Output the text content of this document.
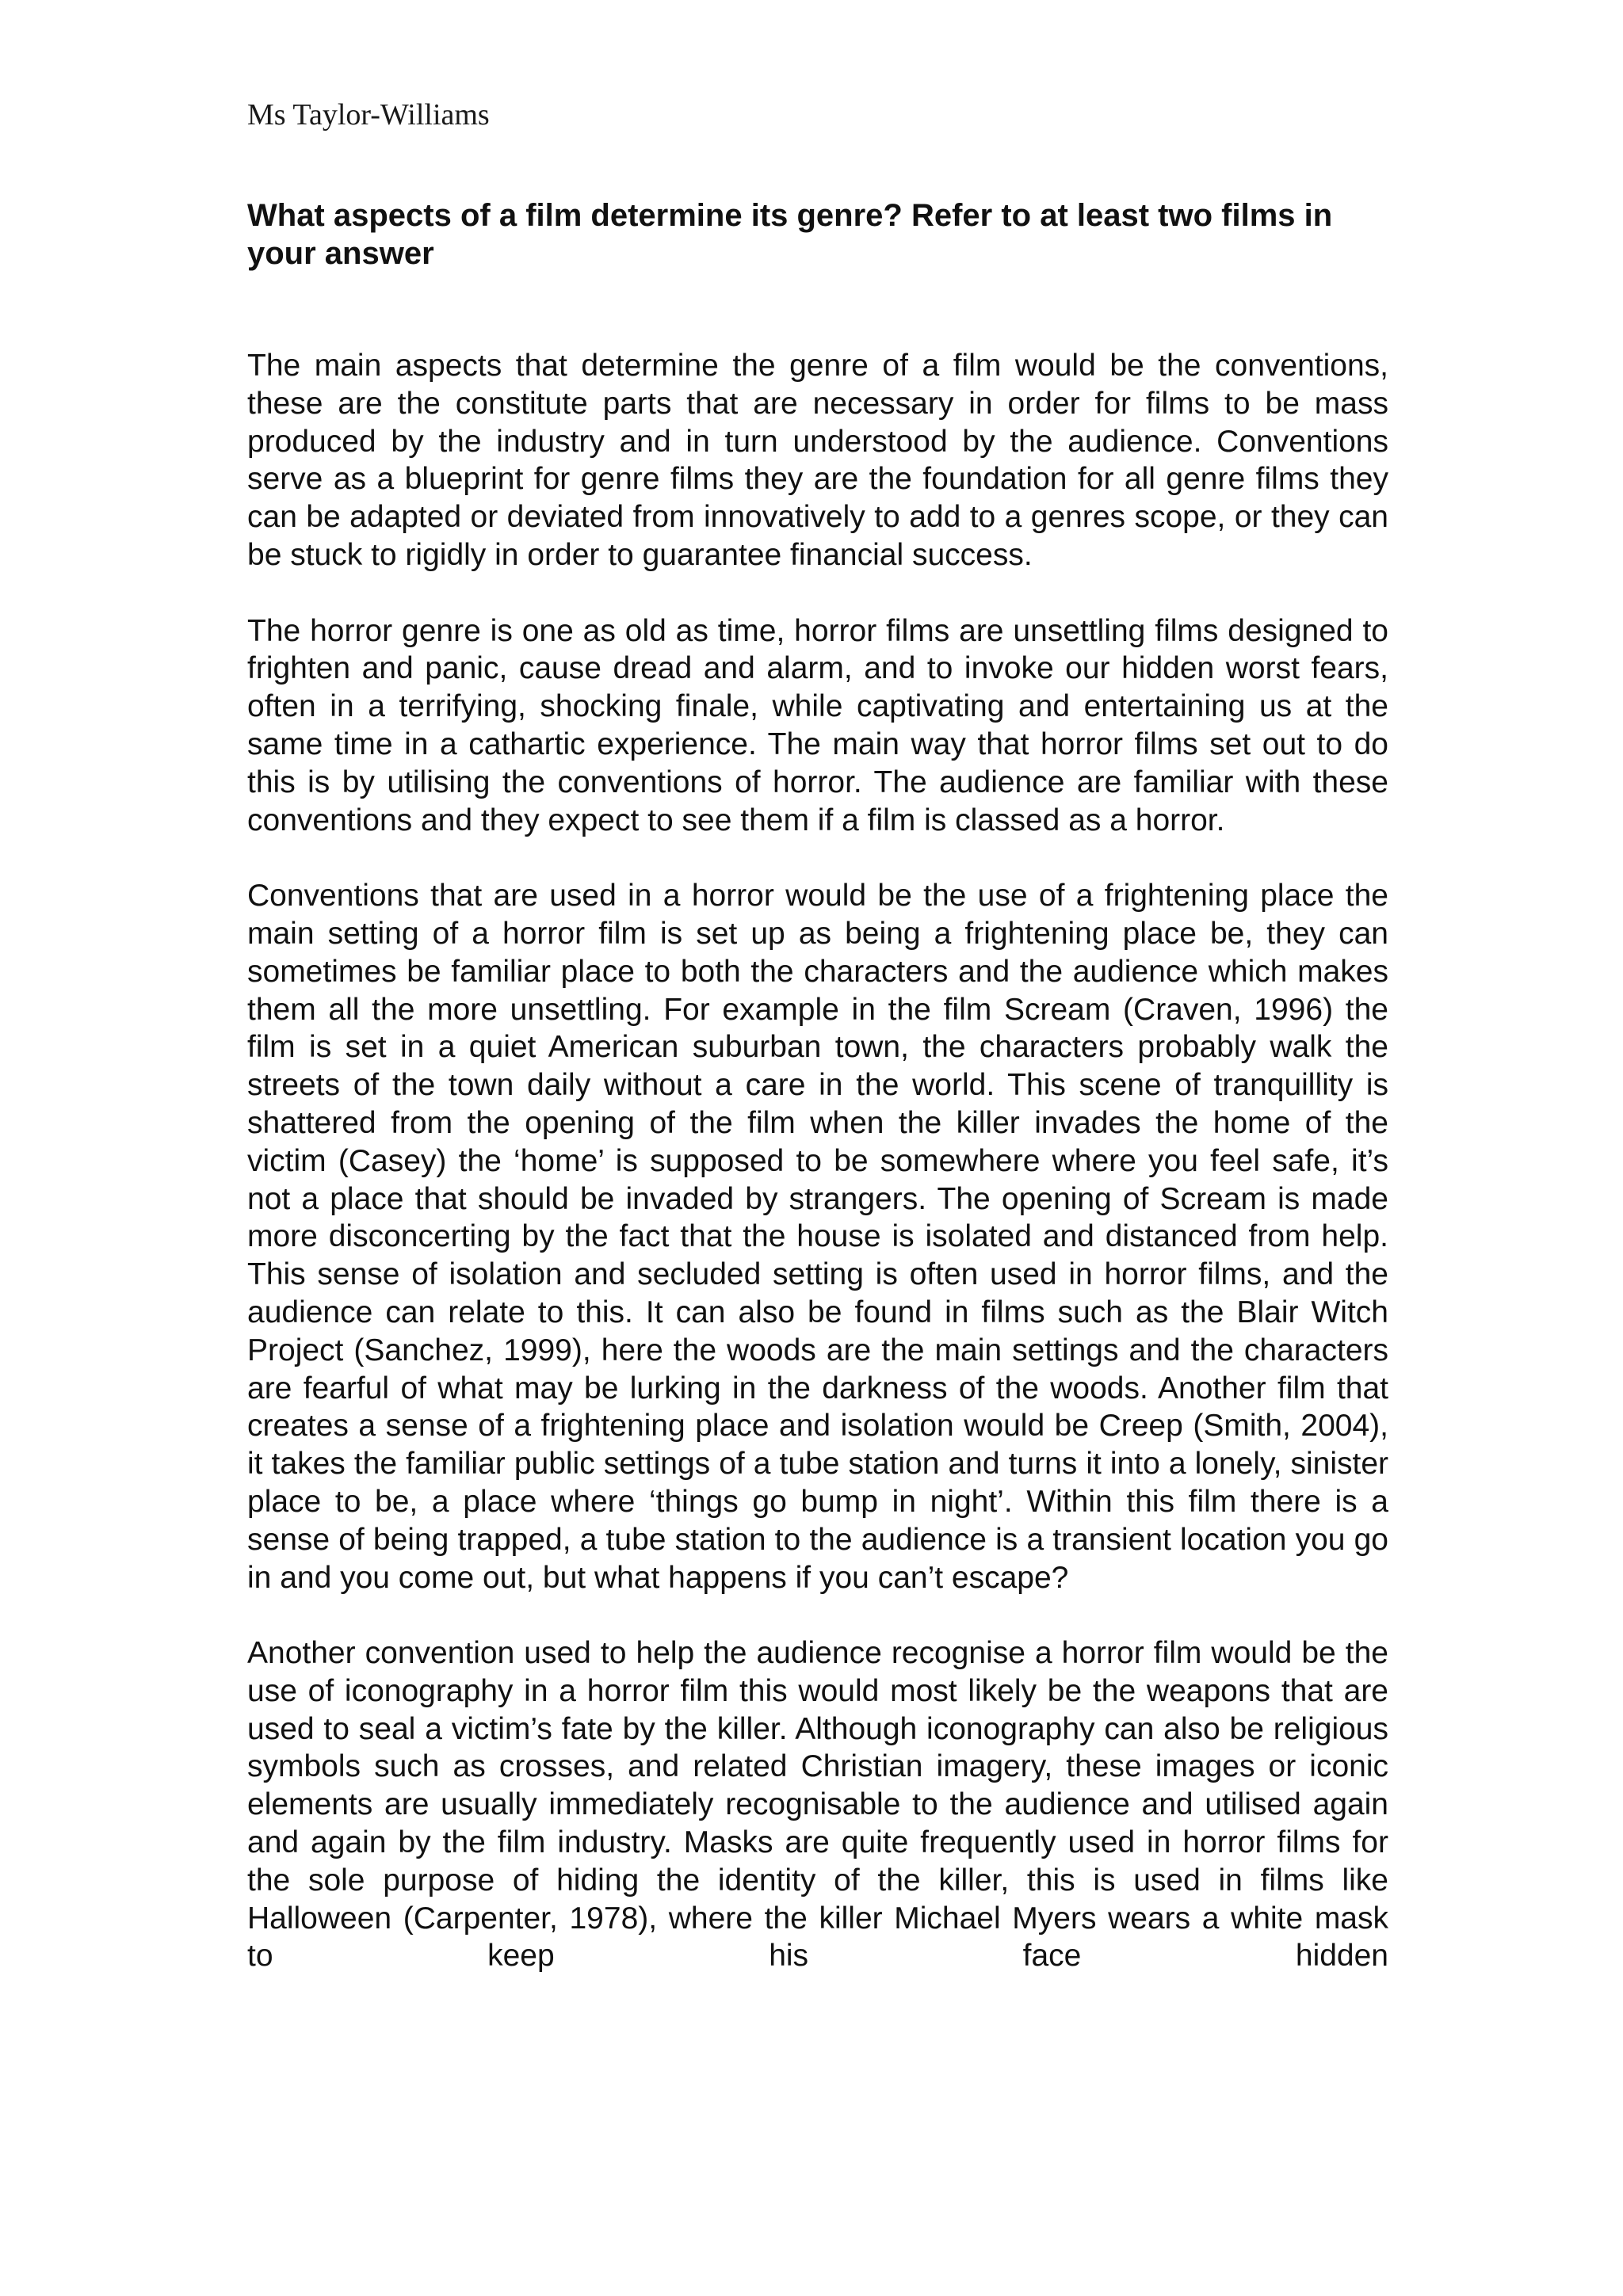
Ms Taylor-Williams
What aspects of a film determine its genre? Refer to at least two films in your answer

The main aspects that determine the genre of a film would be the conventions, these are the constitute parts that are necessary in order for films to be mass produced by the industry and in turn understood by the audience. Conventions serve as a blueprint for genre films they are the foundation for all genre films they can be adapted or deviated from innovatively to add to a genres scope, or they can be stuck to rigidly in order to guarantee financial success.

The horror genre is one as old as time, horror films are unsettling films designed to frighten and panic, cause dread and alarm, and to invoke our hidden worst fears, often in a terrifying, shocking finale, while captivating and entertaining us at the same time in a cathartic experience. The main way that horror films set out to do this is by utilising the conventions of horror. The audience are familiar with these conventions and they expect to see them if a film is classed as a horror.

Conventions that are used in a horror would be the use of a frightening place the main setting of a horror film is set up as being a frightening place be, they can sometimes be familiar place to both the characters and the audience which makes them all the more unsettling. For example in the film Scream (Craven, 1996) the film is set in a quiet American suburban town, the characters probably walk the streets of the town daily without a care in the world. This scene of tranquillity is shattered from the opening of the film when the killer invades the home of the victim (Casey) the ‘home’ is supposed to be somewhere where you feel safe, it’s not a place that should be invaded by strangers. The opening of Scream is made more disconcerting by the fact that the house is isolated and distanced from help. This sense of isolation and secluded setting is often used in horror films, and the audience can relate to this. It can also be found in films such as the Blair Witch Project (Sanchez, 1999), here the woods are the main settings and the characters are fearful of what may be lurking in the darkness of the woods. Another film that creates a sense of a frightening place and isolation would be Creep (Smith, 2004), it takes the familiar public settings of a tube station and turns it into a lonely, sinister place to be, a place where ‘things go bump in night’. Within this film there is a sense of being trapped, a tube station to the audience is a transient location you go in and you come out, but what happens if you can’t escape?

Another convention used to help the audience recognise a horror film would be the use of iconography in a horror film this would most likely be the weapons that are used to seal a victim’s fate by the killer. Although iconography can also be religious symbols such as crosses, and related Christian imagery, these images or iconic elements are usually immediately recognisable to the audience and utilised again and again by the film industry. Masks are quite frequently used in horror films for the sole purpose of hiding the identity of the killer, this is used in films like Halloween (Carpenter, 1978), where the killer Michael Myers wears a white mask to keep his face hidden
